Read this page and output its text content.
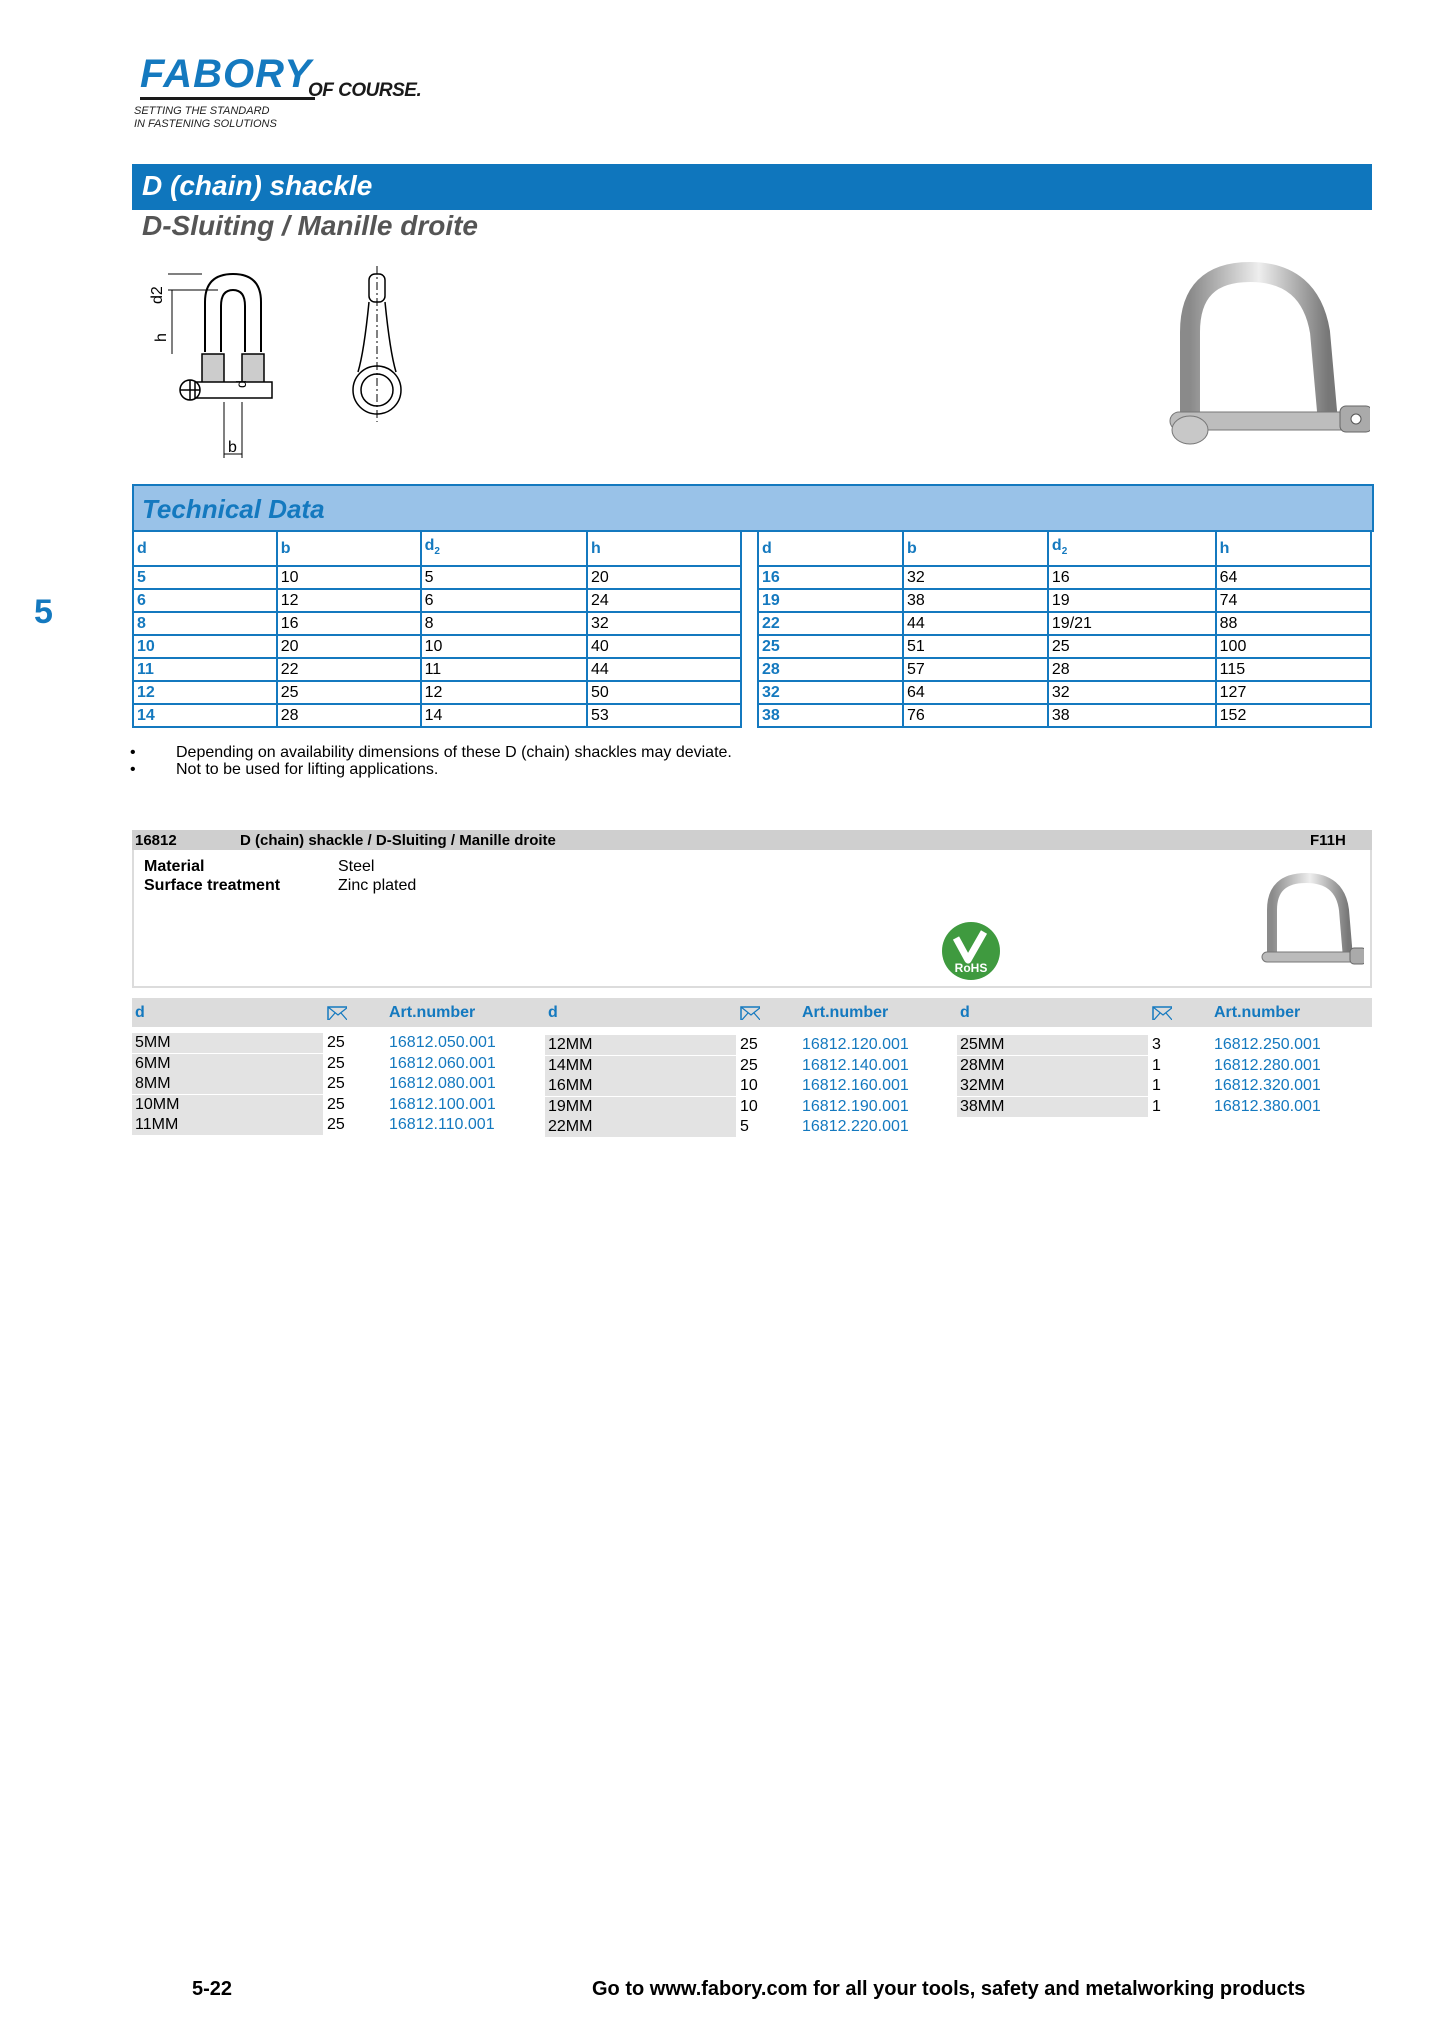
FABORY
OF COURSE.
SETTING THE STANDARD
IN FASTENING SOLUTIONS
5
D (chain) shackle
D-Sluiting / Manille droite
d2
h
d
b
Technical Data
d	b	$d_2$	h
5	10	5	20
6	12	6	24
8	16	8	32
10	20	10	40
11	22	11	44
12	25	12	50
14	28	14	53
d	b	$d_2$	h
16	32	16	64
19	38	19	74
22	44	19/21	88
25	51	25	100
28	57	28	115
32	64	32	127
38	76	38	152
•	Depending on availability dimensions of these D (chain) shackles may deviate.
•	Not to be used for lifting applications.
16812	D (chain) shackle / D-Sluiting / Manille droite	F11H
Material	Steel
Surface treatment	Zinc plated
RoHS
d	Art.number	d	Art.number	d	Art.number
5MM	25	16812.050.001
6MM	25	16812.060.001
8MM	25	16812.080.001
10MM	25	16812.100.001
11MM	25	16812.110.001
12MM	25	16812.120.001
14MM	25	16812.140.001
16MM	10	16812.160.001
19MM	10	16812.190.001
22MM	5	16812.220.001
25MM	3	16812.250.001
28MM	1	16812.280.001
32MM	1	16812.320.001
38MM	1	16812.380.001
5-22	Go to www.fabory.com for all your tools, safety and metalworking products
